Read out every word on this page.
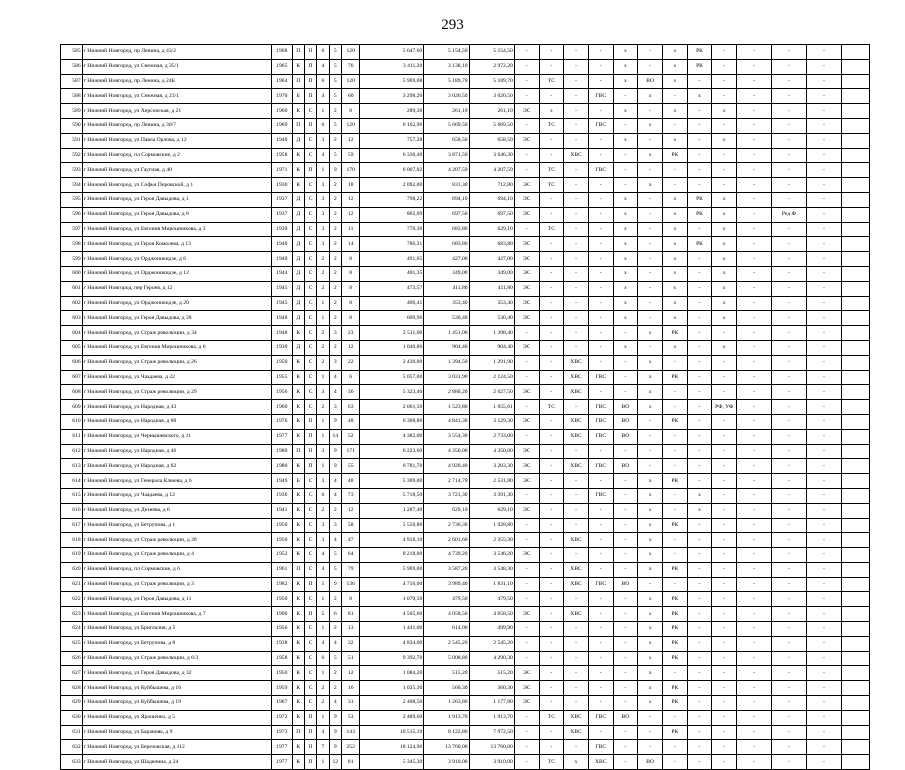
293
585	г Нижний Новгород, пр Ленина, д 43/2	1968	П	П	6	5	120	5 647,60	5 154,50	5 154,50	-	-	-	-	х	-	х	РК	-	-	-	-	
586	г Нижний Новгород, ул Снежная, д 35/1	1965	К	П	4	5	76	3 411,20	3 138,10	2 972,20	-	-	-	-	х	-	х	РК	-	-	-	-	
587	г Нижний Новгород, пр Ленина, д 24Б	1964	П	П	6	5	120	5 969,08	5 189,70	5 189,70	-	ТС	-	-	х	ВО	х	-	-	-	-	-	
588	г Нижний Новгород, ул Снежная, д 23/1	1970	Б	П	4	5	60	3 298,20	3 020,50	3 020,50	-	-	-	ГВС	-	х	-	х	-	-	-	-	
589	г Нижний Новгород, ул Херсонская, д 21	1960	К	С	1	2	8	289,30	261,10	261,10	ЭС	х	-	-	х	-	х	-	х	-	-	-	
590	г Нижний Новгород, пр Ленина, д 30/7	1969	П	П	6	5	120	6 162,90	5 669,50	5 669,50	-	ТС	-	ГВС	-	х	-	-	-	-	-	-	
591	г Нижний Новгород, ул Павла Орлова, д 12	1940	Д	С	3	2	12	757,28	658,50	658,50	ЭС	-	-	-	х	-	х	-	х	-	-	-	
592	г Нижний Новгород, пл Сормовские, д 2	1958	К	С	4	5	59	6 330,40	3 871,50	3 646,30	-	-	ХВС	-	-	х	РК	-	-	-	-	-	
593	г Нижний Новгород, ул Гаугная, д 40	1971	К	П	1	9	170	6 007,02	4 207,59	4 207,59	-	ТС	-	ГВС	-	-	-	-	-	-	-	-	
594	г Нижний Новгород, ул Софьи Перовской, д 1	1930	К	С	3	2	18	2 092,00	831,30	712,80	ЭС	ТС	-	-	-	х	-	-	-	-	-	-	
595	г Нижний Новгород, ул Героя Давыдова, д 1	1937	Д	С	3	2	12	798,22	694,10	694,10	ЭС	-	-	-	х	-	х	РК	х	-	-	-	
596	г Нижний Новгород, ул Героя Давыдова, д 8	1937	Д	С	3	2	12	802,09	697,50	697,50	ЭС	-	-	-	х	-	х	РК	х	-	Ред.Ф	-	
597	г Нижний Новгород, ул Евгения Мирошникова, д 3	1939	Д	С	3	2	11	770,30	683,80	629,10	-	ТС	-	-	х	-	х	-	х	-	-	-	
598	г Нижний Новгород, ул Героя Комолева, д 13	1940	Д	С	3	2	14	786,31	683,80	683,80	ЭС	-	-	-	х	-	х	РК	х	-	-	-	
599	г Нижний Новгород, ул Орджоникидзе, д 6	1940	Д	С	2	2	8	491,05	427,00	427,00	ЭС	-	-	-	х	-	х	-	х	-	-	-	
600	г Нижний Новгород, ул Орджоникидзе, д 12	1944	Д	С	2	2	8	401,35	349,00	349,00	ЭС	-	-	-	х	-	х	-	х	-	-	-	
601	г Нижний Новгород, пер Героев, д 12	1945	Д	С	2	2	8	473,57	411,80	411,80	ЭС	-	-	-	х	-	х	-	х	-	-	-	
602	г Нижний Новгород, ул Орджоникидзе, д 20	1945	Д	С	1	2	8	406,41	353,40	353,40	ЭС	-	-	-	х	-	х	-	х	-	-	-	
603	г Нижний Новгород, ул Героя Давыдова, д 28	1948	Д	С	1	2	8	609,96	530,40	530,40	ЭС	-	-	-	х	-	х	-	х	-	-	-	
604	г Нижний Новгород, ул Страж революции, д 34	1948	К	С	2	3	23	2 511,00	1 451,00	1 398,40	-	-	-	-	-	х	РК	-	-	-	-	-	
605	г Нижний Новгород, ул Евгения Мирошникова, д 6	1930	Д	С	2	2	12	1 040,86	904,40	904,40	ЭС	-	-	-	х	-	х	-	х	-	-	-	
606	г Нижний Новгород, ул Страж революции, д 26	1950	К	С	2	3	22	2 430,00	1 394,50	1 291,90	-	-	ХВС	-	-	х	-	-	-	-	-	-	
607	г Нижний Новгород, ул Чаадаева, д 22	1955	К	С	1	4	6	5 057,00	3 031,90	2 124,50	-	-	ХВС	ГВС	-	х	РК	-	-	-	-	-	
608	г Нижний Новгород, ул Страж революции, д 29	1956	К	С	3	4	36	5 323,40	2 880,20	2 027,50	ЭС	-	ХВС	-	-	х	-	-	-	-	-	-	
609	г Нижний Новгород, ул Народная, д 43	1960	К	С	2	3	63	2 061,50	1 523,80	1 055,61	-	ТС	-	ГВС	ВО	х	-	-	РФ, УФ	-	-	-	
610	г Нижний Новгород, ул Народная, д 80	1976	К	П	1	9	48	6 308,80	4 841,30	3 129,30	ЭС	-	ХВС	ГВС	ВО	-	РК	-	-	-	-	-	
611	г Нижний Новгород, ул Чернышевского, д 11	1977	К	П	1	14	52	4 382,00	3 554,30	2 733,00	-	-	ХВС	ГВС	ВО	-	-	-	-	-	-	-	
612	г Нижний Новгород, ул Народная, д 46	1980	П	П	3	9	171	6 223,60	4 350,00	4 350,00	ЭС	-	-	-	-	-	-	-	-	-	-	-	
613	г Нижний Новгород, ул Народная, д 82	1980	К	П	1	9	55	6 781,70	4 920,40	3 203,30	ЭС	-	ХВС	ГВС	ВО	-	-	-	-	-	-	-	
614	г Нижний Новгород, ул Генерала Клюева, д 6	1949	Б	С	3	4	48	5 369,00	2 714,70	2 531,80	ЭС	-	-	-	-	х	РК	-	-	-	-	-	
615	г Нижний Новгород, ул Чаадаева, д 12	1936	К	С	6	4	73	5 718,50	3 721,30	3 391,30	-	-	-	ГВС	-	х	-	х	-	-	-	-	
616	г Нижний Новгород, ул Дезнева, д 6	1941	К	С	2	2	12	1 287,40	629,10	629,10	ЭС	-	-	-	-	х	-	х	-	-	-	-	
617	г Нижний Новгород, ул Бетрупова, д 1	1950	К	С	3	3	58	5 550,80	2 736,30	1 928,80	-	-	-	-	-	х	РК	-	-	-	-	-	
618	г Нижний Новгород, ул Страж революции, д 28	1950	К	С	3	4	47	4 918,10	2 601,60	2 355,30	-	-	ХВС	-	-	х	-	-	-	-	-	-	
619	г Нижний Новгород, ул Страж революции, д 4	1952	К	С	4	5	64	8 218,00	4 739,20	3 546,20	ЭС	-	-	-	-	х	-	-	-	-	-	-	
620	г Нижний Новгород, пл Сормовские, д 6	1961	П	С	4	5	79	5 969,00	3 587,20	3 548,30	-	-	ХВС	-	-	х	РК	-	-	-	-	-	
621	г Нижний Новгород, ул Страж революции, д 3	1982	К	П	1	9	136	4 716,00	3 989,40	1 831,10	-	-	ХВС	ГВС	ВО	-	-	-	-	-	-	-	
622	г Нижний Новгород, ул Героя Давыдова, д 11	1950	К	С	1	2	8	1 070,50	479,50	479,50	-	-	-	-	-	х	РК	-	-	-	-	-	
623	г Нижний Новгород, ул Евгения Мирошникова, д 7	1996	К	П	5	6	81	4 505,60	4 058,50	4 058,50	ЭС	-	ХВС	-	-	х	РК	-	-	-	-	-	
624	г Нижний Новгород, ул Бриглалия, д 5	1956	К	С	1	2	13	1 441,00	614,00	499,90	-	-	-	-	-	х	РК	-	-	-	-	-	
625	г Нижний Новгород, ул Бетрупова, д 8	1938	К	С	4	4	32	4 834,00	2 545,20	2 545,20	-	-	-	-	-	х	РК	-	-	-	-	-	
626	г Нижний Новгород, ул Страж революции, д 6/3	1958	К	С	6	5	51	9 392,70	5 008,80	4 290,30	-	-	-	-	-	х	РК	-	-	-	-	-	
627	г Нижний Новгород, ул Героя Давыдова, д 32	1950	К	С	1	2	12	1 084,20	515,20	515,20	ЭС	-	-	-	-	х	-	-	-	-	-	-	
628	г Нижний Новгород, ул Куйбышева, д 16	1959	К	С	2	2	16	1 025,30	560,30	360,30	ЭС	-	-	-	-	х	РК	-	-	-	-	-	
629	г Нижний Новгород, ул Куйбышева, д 19	1967	К	С	2	4	31	2 408,50	1 263,80	1 177,80	ЭС	-	-	-	-	х	РК	-	-	-	-	-	
630	г Нижний Новгород, ул Ярошенко, д 5	1972	К	П	1	9	53	2 489,60	1 913,70	1 913,70	-	ТС	ХВС	ГВС	ВО	-	-	-	-	-	-	-	
631	г Нижний Новгород, ул Баранова, д 9	1973	П	П	4	9	143	10 515,19	8 122,80	7 972,50	-	-	ХВС	-	-	-	РК	-	-	-	-	-	
632	г Нижний Новгород, ул Березовская, д 112	1977	К	П	7	9	252	18 124,90	13 760,00	13 760,00	-	-	-	ГВС	-	-	-	-	-	-	-	-	
633	г Нижний Новгород, ул Шаденина, д 24	1977	К	П	1	12	81	5 345,30	3 910,00	3 910,00	-	ТС	х	ХВС	-	ВО	-	-	-	-	-	-	
